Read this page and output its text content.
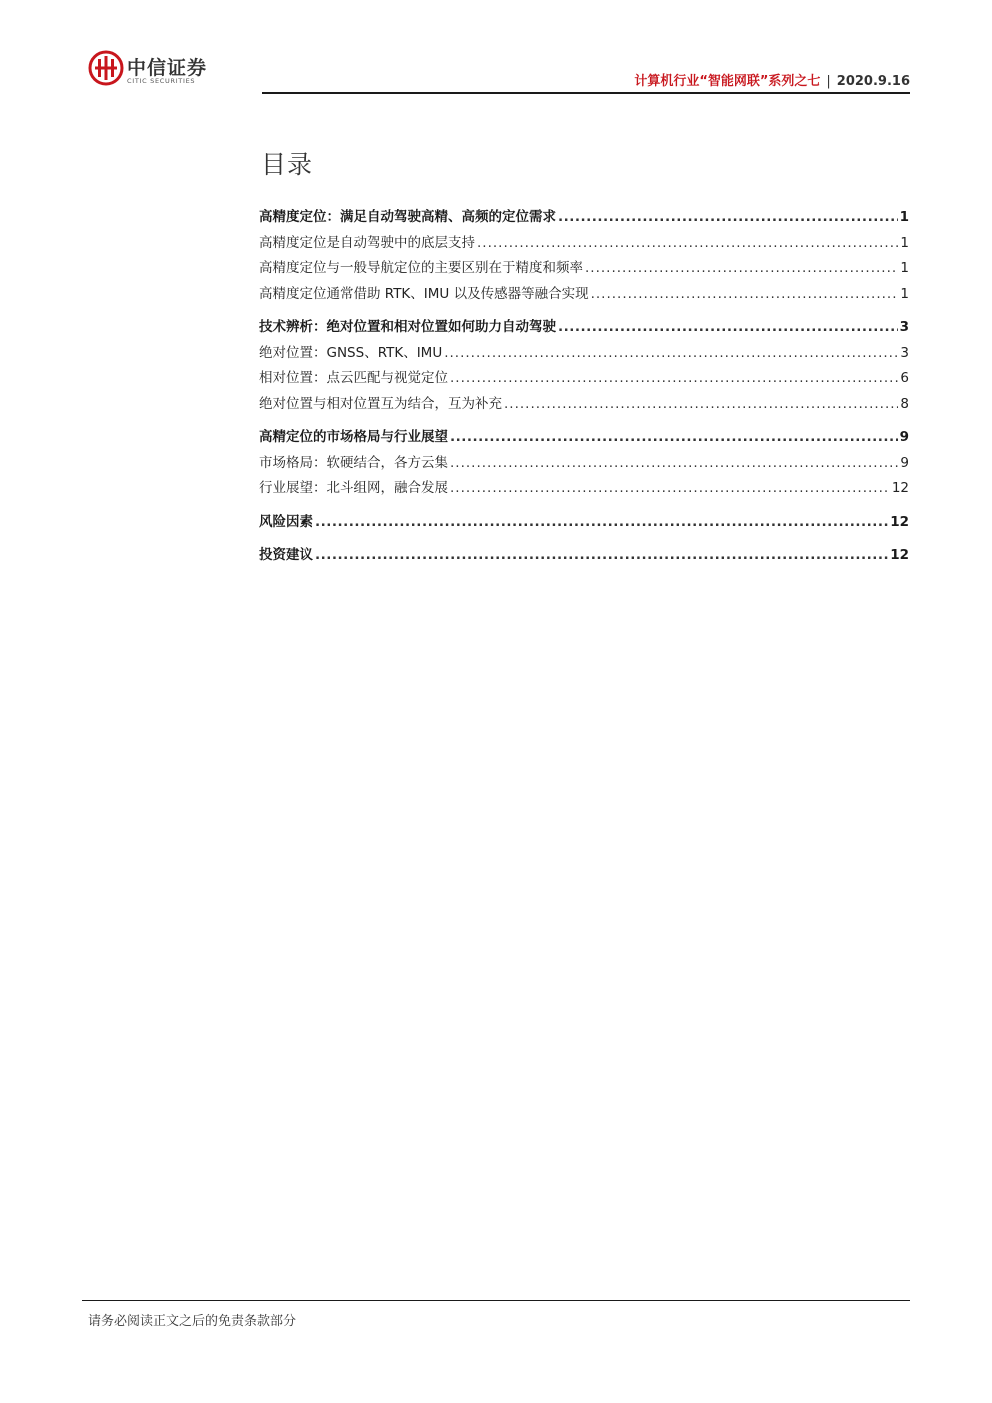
中信证券
CITIC SECURITIES	计算机行业“智能网联”系列之七 | 2020.9.16
目录
高精度定位：满足自动驾驶高精、高频的定位需求 .....	1
高精度定位是自动驾驶中的底层支持 .....	1
高精度定位与一般导航定位的主要区别在于精度和频率 .....	1
高精度定位通常借助 RTK、IMU 以及传感器等融合实现 .....	1
技术辨析：绝对位置和相对位置如何助力自动驾驶 .....	3
绝对位置：GNSS、RTK、IMU .....	3
相对位置：点云匹配与视觉定位 .....	6
绝对位置与相对位置互为结合，互为补充 .....	8
高精定位的市场格局与行业展望 .....	9
市场格局：软硬结合，各方云集 .....	9
行业展望：北斗组网，融合发展 .....	12
风险因素 .....	12
投资建议 .....	12
请务必阅读正文之后的免责条款部分
